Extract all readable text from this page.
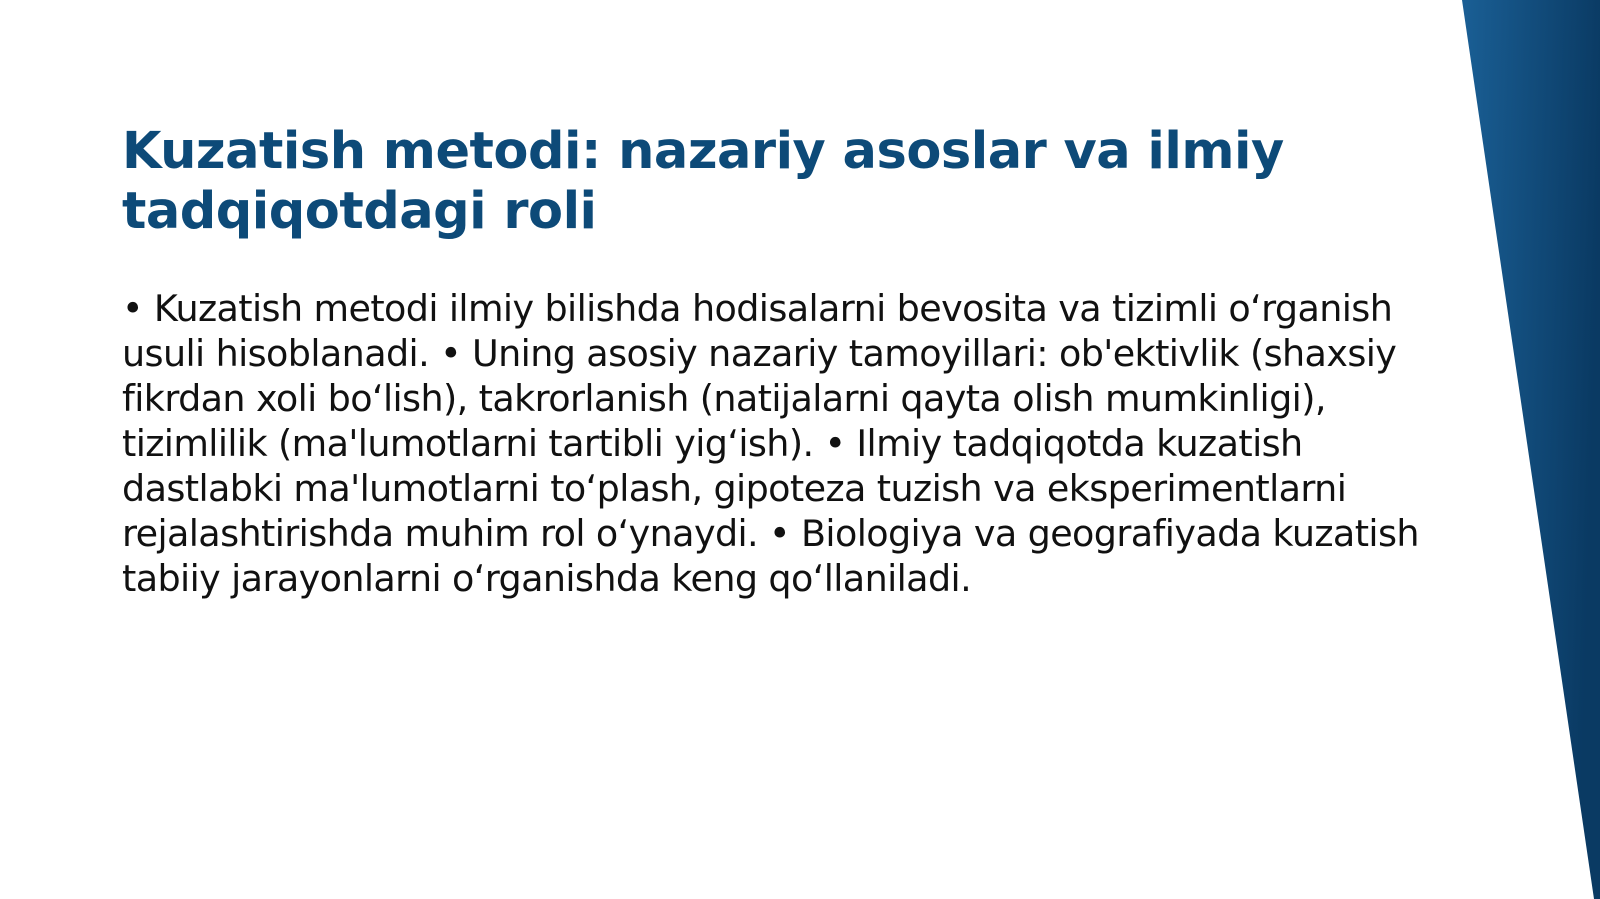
Kuzatish metodi: nazariy asoslar va ilmiy tadqiqotdagi roli

• Kuzatish metodi ilmiy bilishda hodisalarni bevosita va tizimli o‘rganish usuli hisoblanadi. • Uning asosiy nazariy tamoyillari: ob'ektivlik (shaxsiy fikrdan xoli bo‘lish), takrorlanish (natijalarni qayta olish mumkinligi), tizimlilik (ma'lumotlarni tartibli yig‘ish). • Ilmiy tadqiqotda kuzatish dastlabki ma'lumotlarni to‘plash, gipoteza tuzish va eksperimentlarni rejalashtirishda muhim rol o‘ynaydi. • Biologiya va geografiyada kuzatish tabiiy jarayonlarni o‘rganishda keng qo‘llaniladi.
